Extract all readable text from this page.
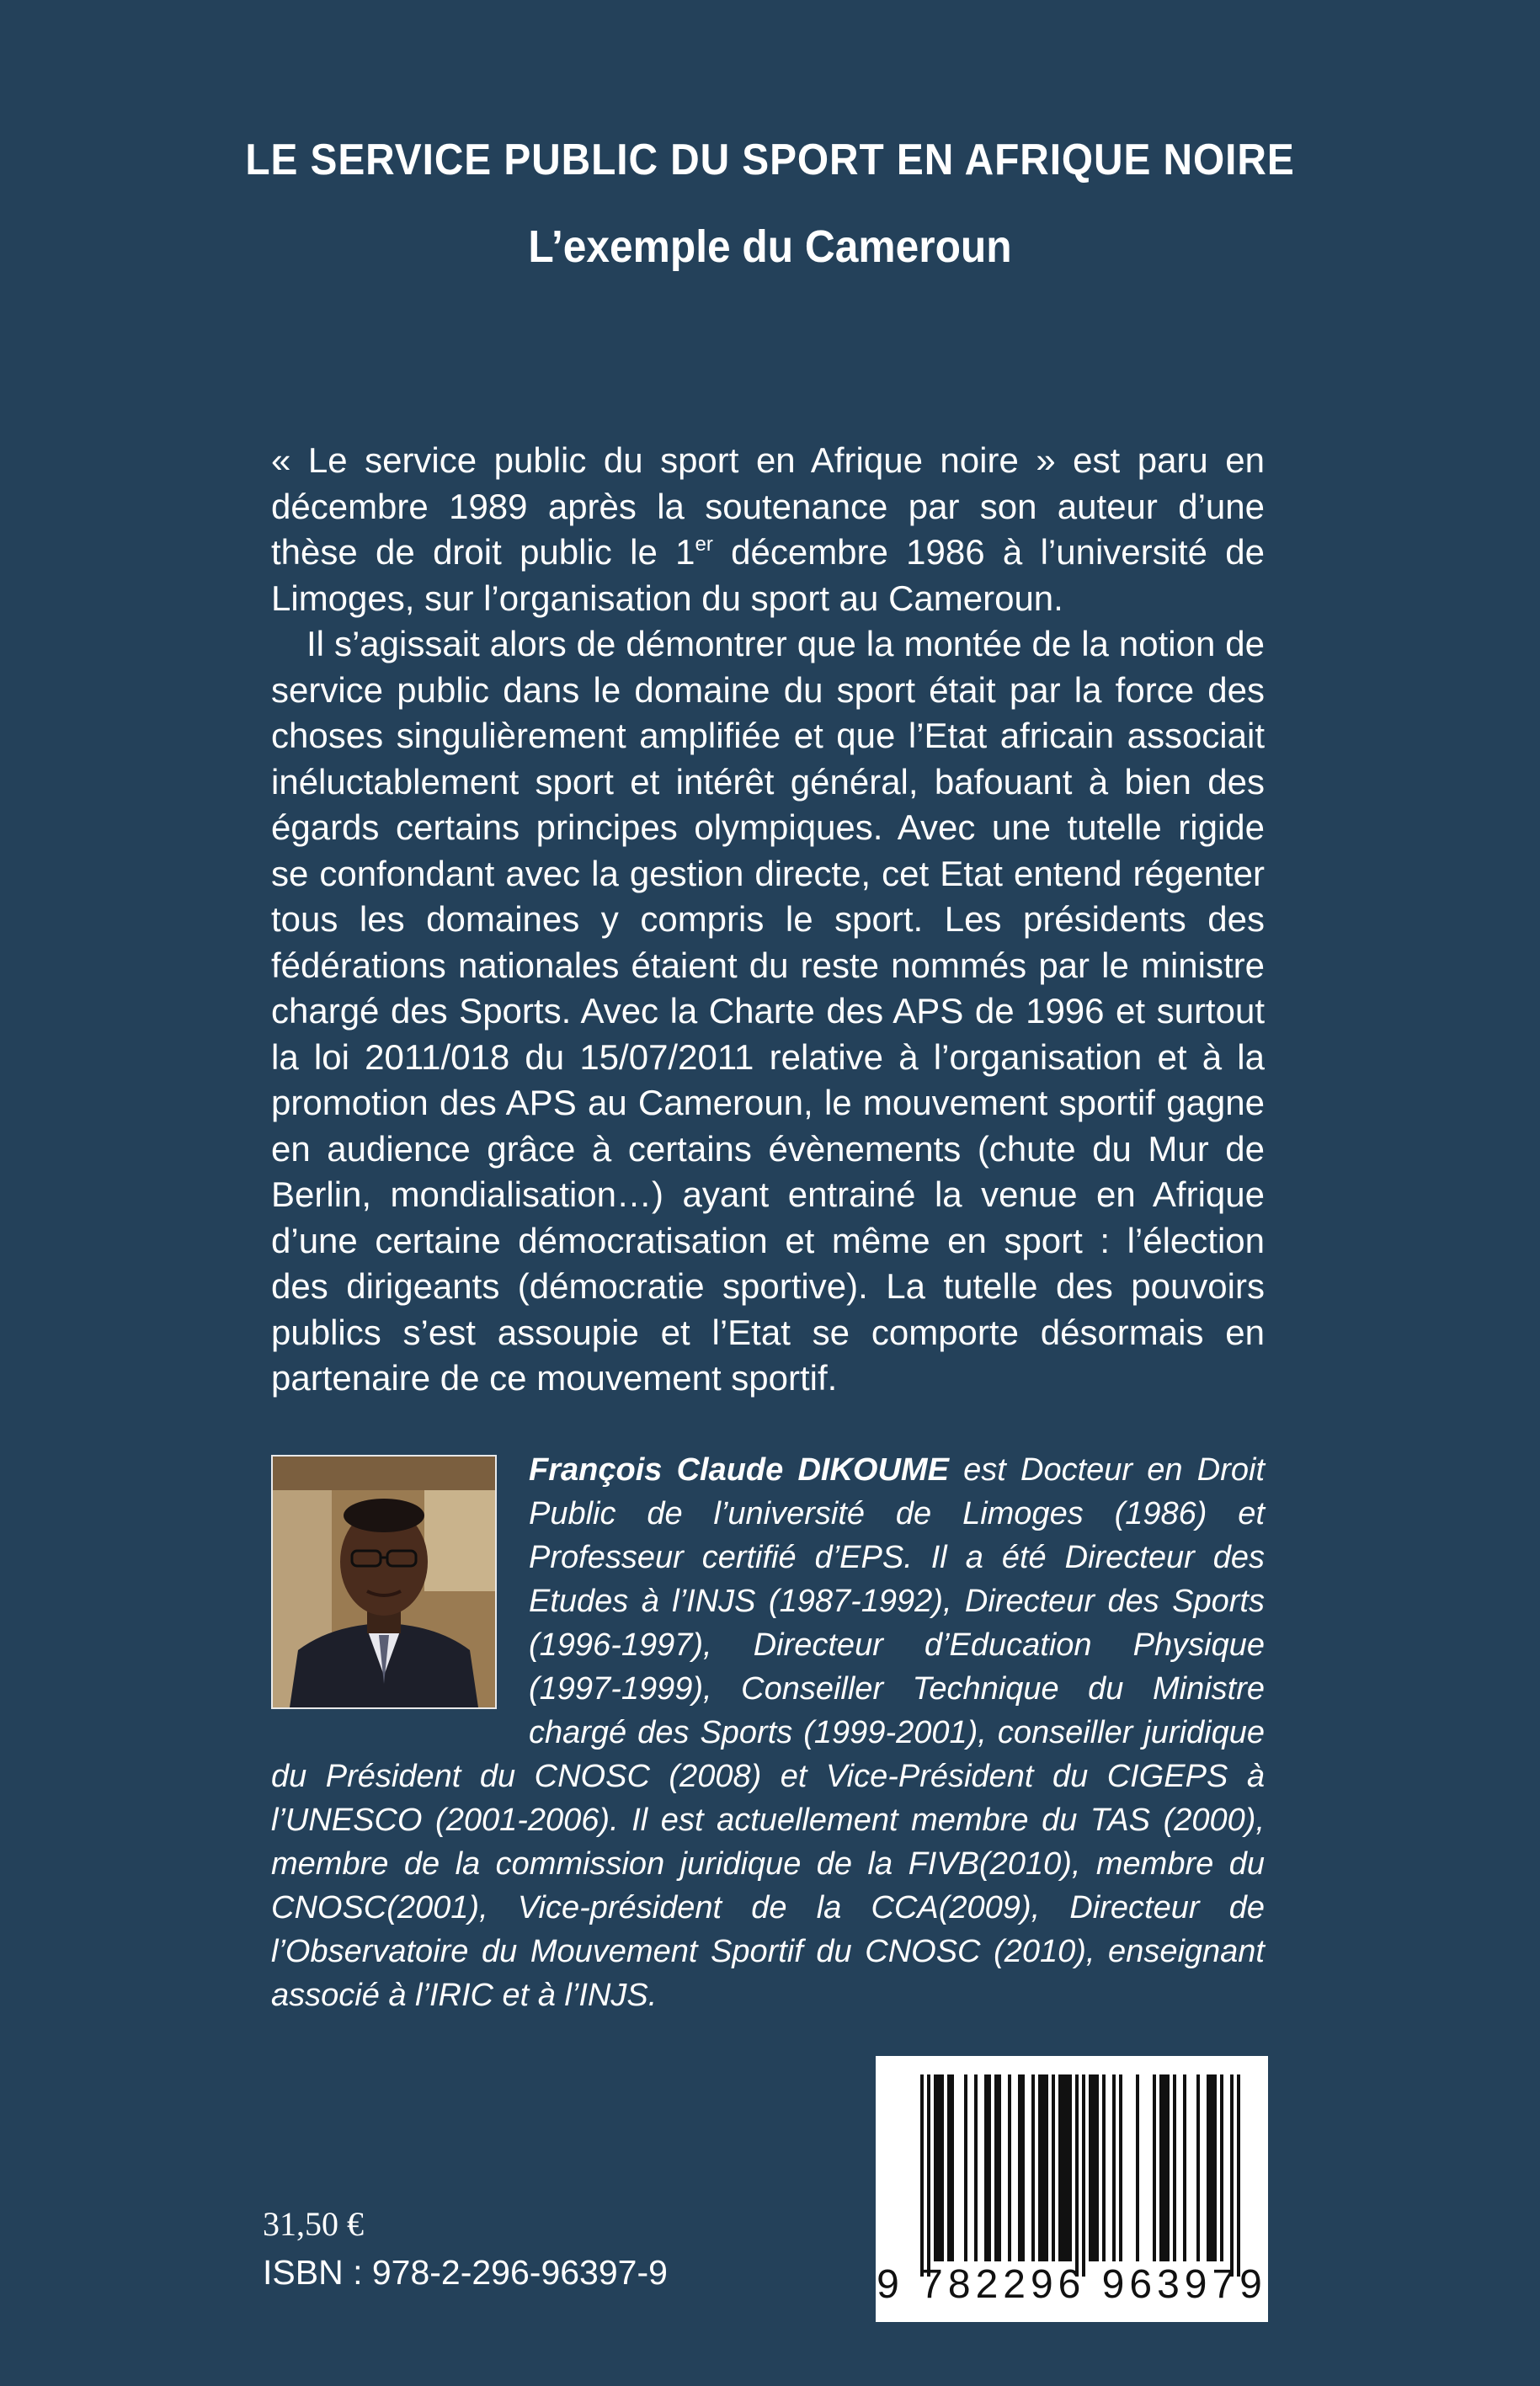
LE SERVICE PUBLIC DU SPORT EN AFRIQUE NOIRE
L’exemple du Cameroun

« Le service public du sport en Afrique noire » est paru en décembre 1989 après la soutenance par son auteur d’une thèse de droit public le 1er décembre 1986 à l’université de Limoges, sur l’organisation du sport au Cameroun.

Il s’agissait alors de démontrer que la montée de la notion de service public dans le domaine du sport était par la force des choses singulièrement amplifiée et que l’Etat africain associait inéluctablement sport et intérêt général, bafouant à bien des égards certains principes olympiques. Avec une tutelle rigide se confondant avec la gestion directe, cet Etat entend régenter tous les domaines y compris le sport. Les présidents des fédérations nationales étaient du reste nommés par le ministre chargé des Sports. Avec la Charte des APS de 1996 et surtout la loi 2011/018 du 15/07/2011 relative à l’organisation et à la promotion des APS au Cameroun, le mouvement sportif gagne en audience grâce à certains évènements (chute du Mur de Berlin, mondialisation…) ayant entrainé la venue en Afrique d’une certaine démocratisation et même en sport : l’élection des dirigeants (démocratie sportive). La tutelle des pouvoirs publics s’est assoupie et l’Etat se comporte désormais en partenaire de ce mouvement sportif.

François Claude DIKOUME est Docteur en Droit Public de l’université de Limoges (1986) et Professeur certifié d’EPS. Il a été Directeur des Etudes à l’INJS (1987-1992), Directeur des Sports (1996-1997), Directeur d’Education Physique (1997-1999), Conseiller Technique du Ministre chargé des Sports (1999-2001), conseiller juridique du Président du CNOSC (2008) et Vice-Président du CIGEPS à l’UNESCO (2001-2006). Il est actuellement membre du TAS (2000), membre de la commission juridique de la FIVB(2010), membre du CNOSC(2001), Vice-président de la CCA(2009), Directeur de l’Observatoire du Mouvement Sportif du CNOSC (2010), enseignant associé à l’IRIC et à l’INJS.
31,50 €
ISBN : 978-2-296-96397-9	9 782296 963979
